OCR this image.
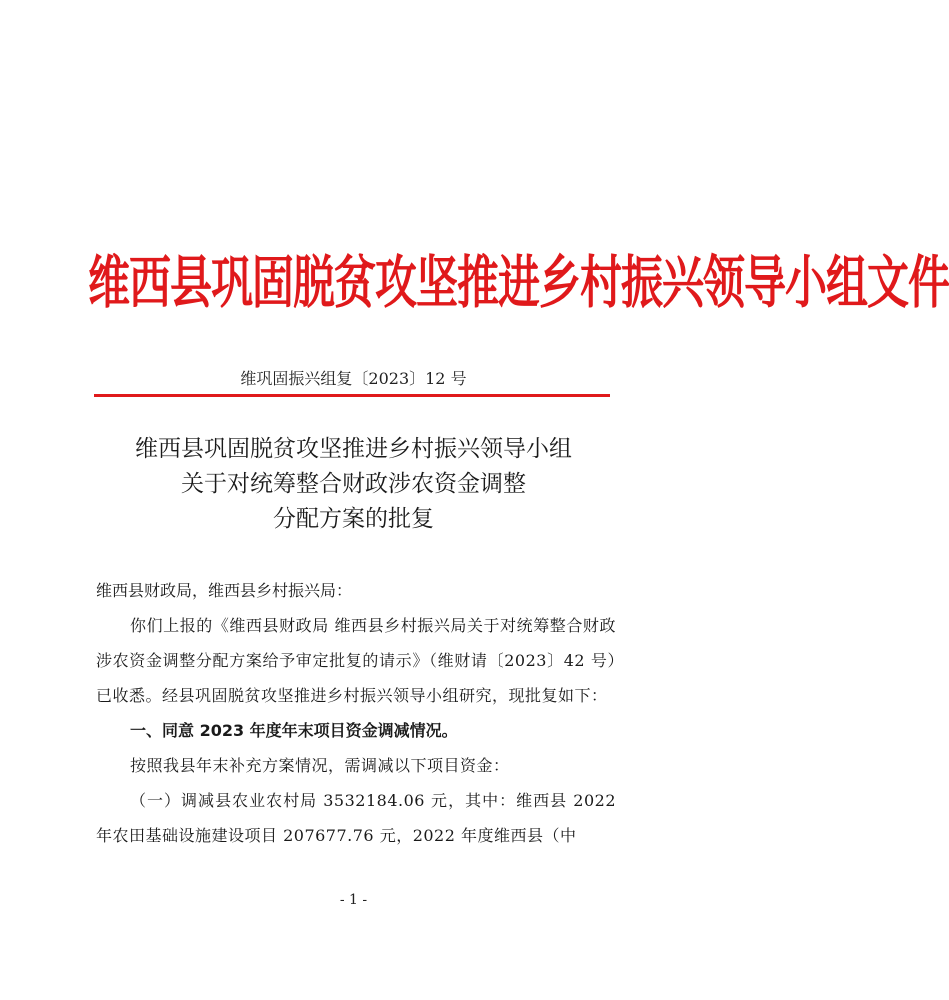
维西县巩固脱贫攻坚推进乡村振兴领导小组文件
维巩固振兴组复〔2023〕12 号
维西县巩固脱贫攻坚推进乡村振兴领导小组
关于对统筹整合财政涉农资金调整
分配方案的批复

维西县财政局，维西县乡村振兴局：

你们上报的《维西县财政局 维西县乡村振兴局关于对统筹整合财政涉农资金调整分配方案给予审定批复的请示》（维财请〔2023〕42 号）已收悉。经县巩固脱贫攻坚推进乡村振兴领导小组研究，现批复如下：

一、同意 2023 年度年末项目资金调减情况。

按照我县年末补充方案情况，需调减以下项目资金：

（一）调减县农业农村局 3532184.06 元，其中：维西县 2022 年农田基础设施建设项目 207677.76 元，2022 年度维西县（中

- 1 -
